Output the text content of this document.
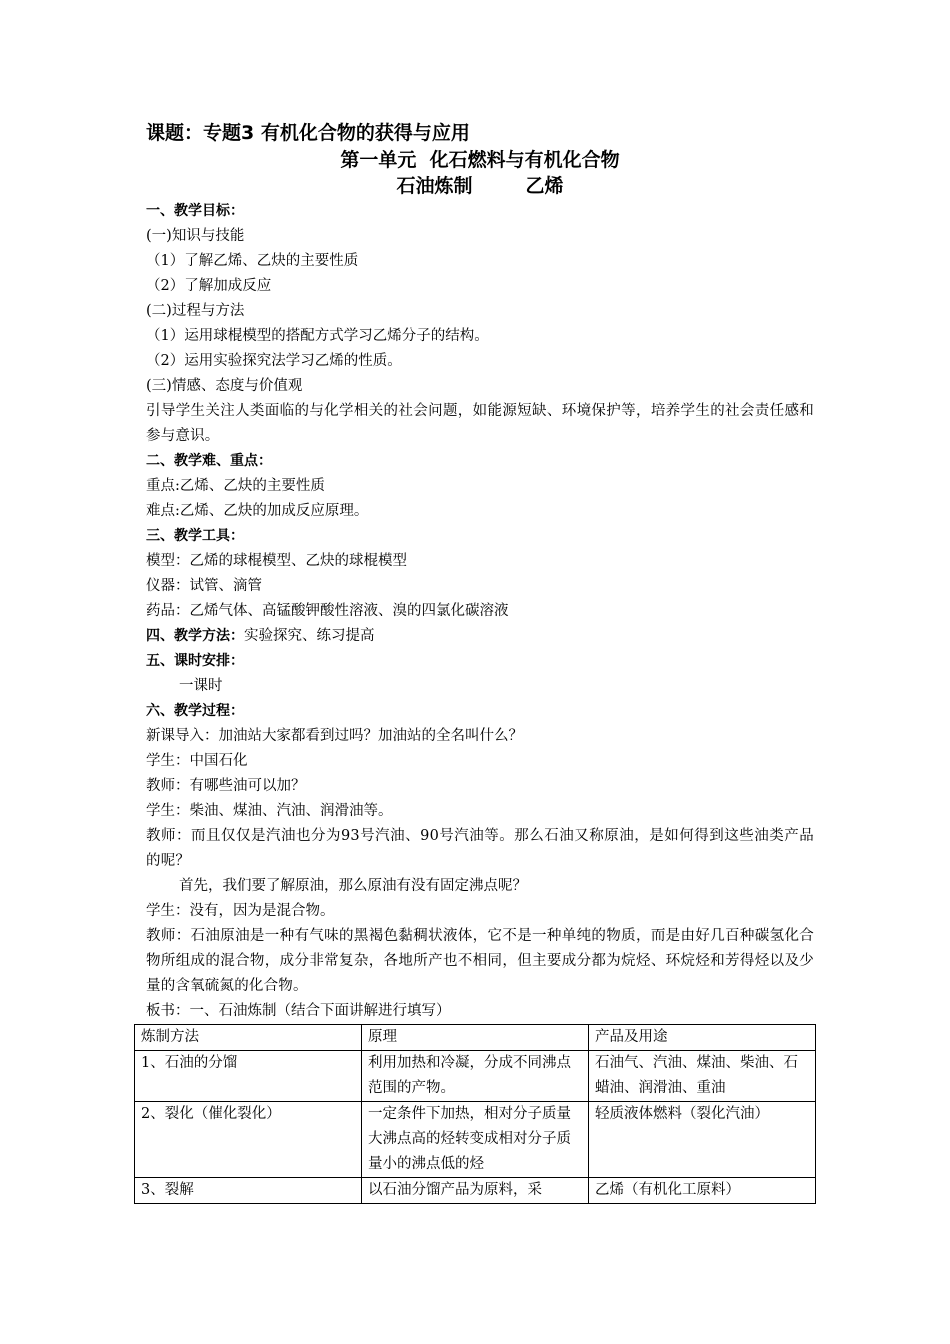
课题：专题3 有机化合物的获得与应用
第一单元  化石燃料与有机化合物
石油炼制        乙烯
一、教学目标：
(一)知识与技能
（1）了解乙烯、乙炔的主要性质
（2）了解加成反应
(二)过程与方法
（1）运用球棍模型的搭配方式学习乙烯分子的结构。
（2）运用实验探究法学习乙烯的性质。
(三)情感、态度与价值观
引导学生关注人类面临的与化学相关的社会问题，如能源短缺、环境保护等，培养学生的社会责任感和参与意识。
二、教学难、重点：
重点:乙烯、乙炔的主要性质
难点:乙烯、乙炔的加成反应原理。
三、教学工具：
模型：乙烯的球棍模型、乙炔的球棍模型
仪器：试管、滴管
药品：乙烯气体、高锰酸钾酸性溶液、溴的四氯化碳溶液
四、教学方法：实验探究、练习提高
五、课时安排：
一课时
六、教学过程：
新课导入：加油站大家都看到过吗？加油站的全名叫什么？
学生：中国石化
教师：有哪些油可以加？
学生：柴油、煤油、汽油、润滑油等。
教师：而且仅仅是汽油也分为93号汽油、90号汽油等。那么石油又称原油，是如何得到这些油类产品的呢？
首先，我们要了解原油，那么原油有没有固定沸点呢？
学生：没有，因为是混合物。
教师：石油原油是一种有气味的黑褐色黏稠状液体，它不是一种单纯的物质，而是由好几百种碳氢化合物所组成的混合物，成分非常复杂，各地所产也不相同，但主要成分都为烷烃、环烷烃和芳得烃以及少量的含氧硫氮的化合物。
板书：一、石油炼制（结合下面讲解进行填写）
炼制方法	原理	产品及用途
1、石油的分馏	利用加热和冷凝，分成不同沸点范围的产物。	石油气、汽油、煤油、柴油、石蜡油、润滑油、重油
2、裂化（催化裂化）	一定条件下加热，相对分子质量大沸点高的烃转变成相对分子质量小的沸点低的烃	轻质液体燃料（裂化汽油）
3、裂解	以石油分馏产品为原料，采	乙烯（有机化工原料）
